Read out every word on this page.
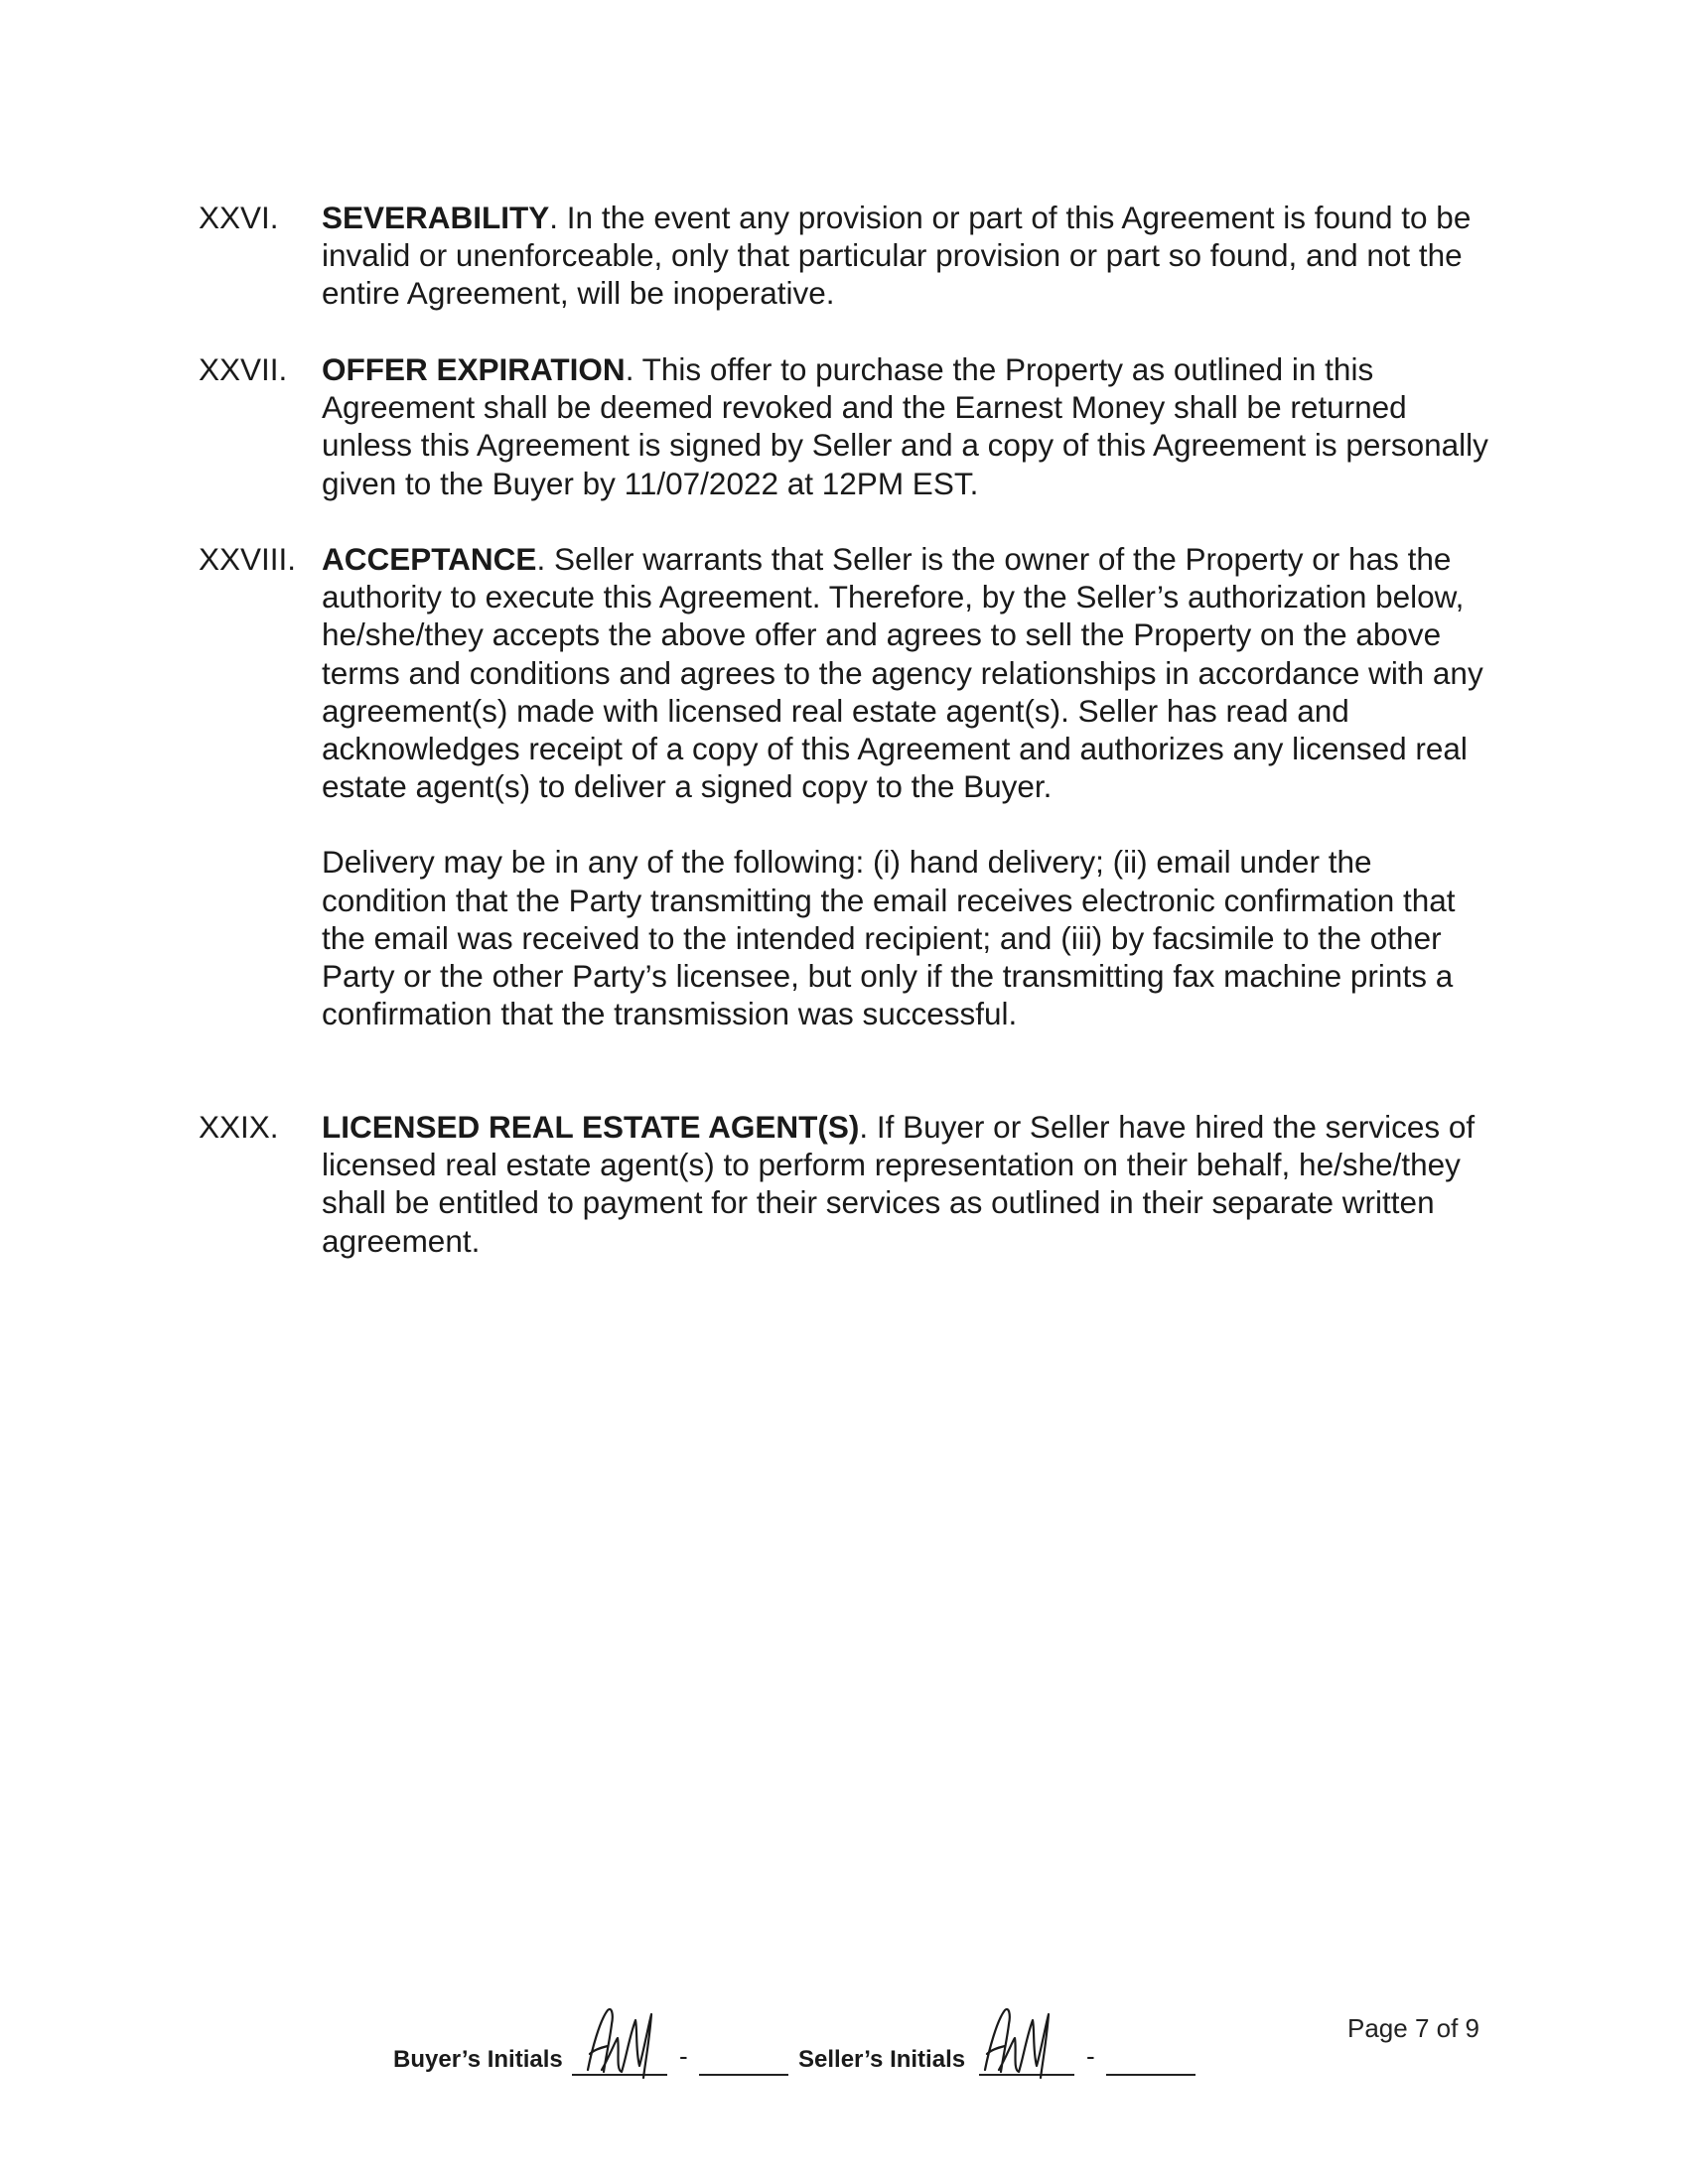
XXVI. SEVERABILITY. In the event any provision or part of this Agreement is found to be invalid or unenforceable, only that particular provision or part so found, and not the entire Agreement, will be inoperative.

XXVII. OFFER EXPIRATION. This offer to purchase the Property as outlined in this Agreement shall be deemed revoked and the Earnest Money shall be returned unless this Agreement is signed by Seller and a copy of this Agreement is personally given to the Buyer by 11/07/2022 at 12PM EST.

XXVIII. ACCEPTANCE. Seller warrants that Seller is the owner of the Property or has the authority to execute this Agreement. Therefore, by the Seller’s authorization below, he/she/they accepts the above offer and agrees to sell the Property on the above terms and conditions and agrees to the agency relationships in accordance with any agreement(s) made with licensed real estate agent(s). Seller has read and acknowledges receipt of a copy of this Agreement and authorizes any licensed real estate agent(s) to deliver a signed copy to the Buyer.

Delivery may be in any of the following: (i) hand delivery; (ii) email under the condition that the Party transmitting the email receives electronic confirmation that the email was received to the intended recipient; and (iii) by facsimile to the other Party or the other Party’s licensee, but only if the transmitting fax machine prints a confirmation that the transmission was successful.

XXIX. LICENSED REAL ESTATE AGENT(S). If Buyer or Seller have hired the services of licensed real estate agent(s) to perform representation on their behalf, he/she/they shall be entitled to payment for their services as outlined in their separate written agreement.

Buyer’s Initials	-	Seller’s Initials	-
Page 7 of 9
